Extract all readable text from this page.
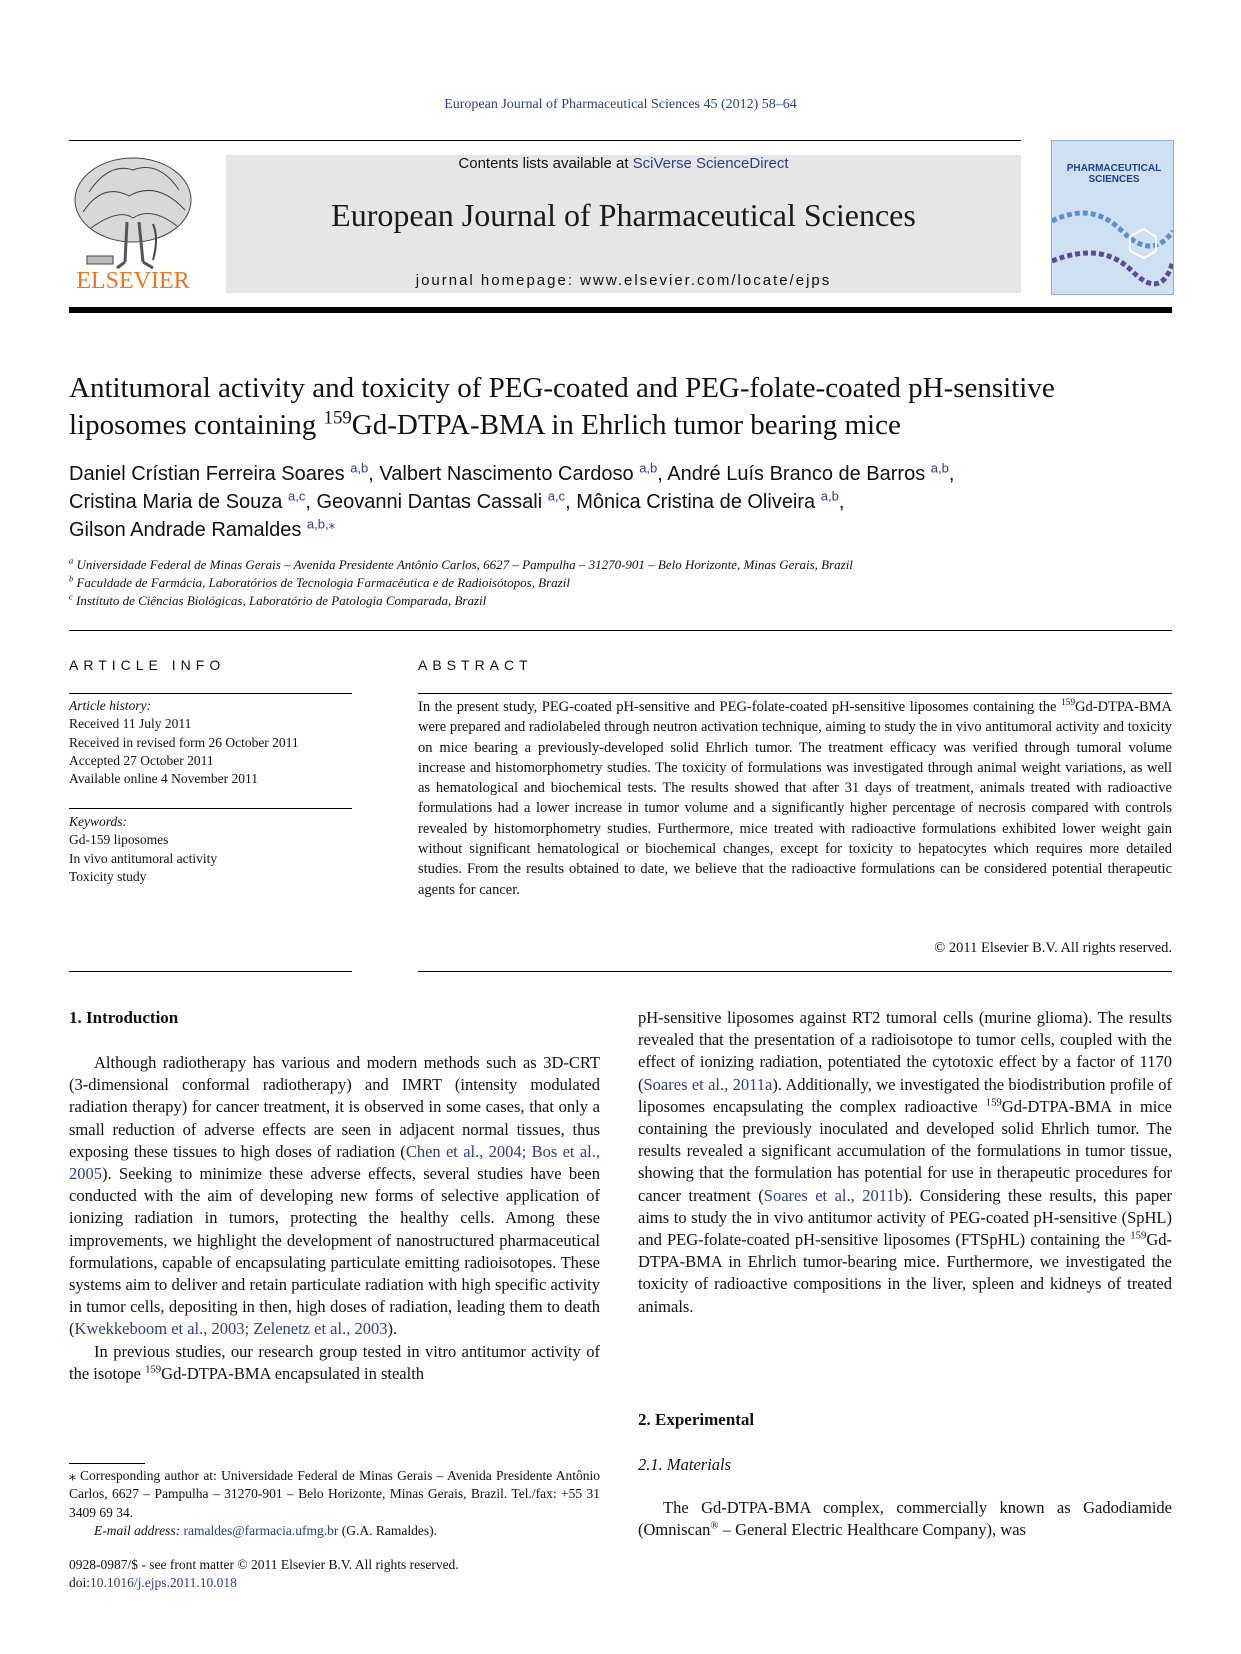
European Journal of Pharmaceutical Sciences 45 (2012) 58–64
Contents lists available at SciVerse ScienceDirect
European Journal of Pharmaceutical Sciences
journal homepage: www.elsevier.com/locate/ejps
ELSEVIER
PHARMACEUTICAL SCIENCES
Antitumoral activity and toxicity of PEG-coated and PEG-folate-coated pH-sensitive
liposomes containing $^{159}$Gd-DTPA-BMA in Ehrlich tumor bearing mice
Daniel Crístian Ferreira Soares $^{a,b}$, Valbert Nascimento Cardoso $^{a,b}$, André Luís Branco de Barros $^{a,b}$,
Cristina Maria de Souza $^{a,c}$, Geovanni Dantas Cassali $^{a,c}$, Mônica Cristina de Oliveira $^{a,b}$,
Gilson Andrade Ramaldes $^{a,b,⁎}$
$^a$ Universidade Federal de Minas Gerais – Avenida Presidente Antônio Carlos, 6627 – Pampulha – 31270-901 – Belo Horizonte, Minas Gerais, Brazil
$^b$ Faculdade de Farmácia, Laboratórios de Tecnologia Farmacêutica e de Radioisótopos, Brazil
$^c$ Instituto de Ciências Biológicas, Laboratório de Patologia Comparada, Brazil
ARTICLE INFO	ABSTRACT
Article history:
Received 11 July 2011
Received in revised form 26 October 2011
Accepted 27 October 2011
Available online 4 November 2011
Keywords:
Gd-159 liposomes
In vivo antitumoral activity
Toxicity study
In the present study, PEG-coated pH-sensitive and PEG-folate-coated pH-sensitive liposomes containing the $^{159}$Gd-DTPA-BMA were prepared and radiolabeled through neutron activation technique, aiming to study the in vivo antitumoral activity and toxicity on mice bearing a previously-developed solid Ehrlich tumor. The treatment efficacy was verified through tumoral volume increase and histomorphometry studies. The toxicity of formulations was investigated through animal weight variations, as well as hematological and biochemical tests. The results showed that after 31 days of treatment, animals treated with radioactive formulations had a lower increase in tumor volume and a significantly higher percentage of necrosis compared with controls revealed by histomorphometry studies. Furthermore, mice treated with radioactive formulations exhibited lower weight gain without significant hematological or biochemical changes, except for toxicity to hepatocytes which requires more detailed studies. From the results obtained to date, we believe that the radioactive formulations can be considered potential therapeutic agents for cancer.
© 2011 Elsevier B.V. All rights reserved.
1. Introduction

Although radiotherapy has various and modern methods such as 3D-CRT (3-dimensional conformal radiotherapy) and IMRT (intensity modulated radiation therapy) for cancer treatment, it is observed in some cases, that only a small reduction of adverse effects are seen in adjacent normal tissues, thus exposing these tissues to high doses of radiation (Chen et al., 2004; Bos et al., 2005). Seeking to minimize these adverse effects, several studies have been conducted with the aim of developing new forms of selective application of ionizing radiation in tumors, protecting the healthy cells. Among these improvements, we highlight the development of nanostructured pharmaceutical formulations, capable of encapsulating particulate emitting radioisotopes. These systems aim to deliver and retain particulate radiation with high specific activity in tumor cells, depositing in then, high doses of radiation, leading them to death (Kwekkeboom et al., 2003; Zelenetz et al., 2003).

In previous studies, our research group tested in vitro antitumor activity of the isotope $^{159}$Gd-DTPA-BMA encapsulated in stealth

pH-sensitive liposomes against RT2 tumoral cells (murine glioma). The results revealed that the presentation of a radioisotope to tumor cells, coupled with the effect of ionizing radiation, potentiated the cytotoxic effect by a factor of 1170 (Soares et al., 2011a). Additionally, we investigated the biodistribution profile of liposomes encapsulating the complex radioactive $^{159}$Gd-DTPA-BMA in mice containing the previously inoculated and developed solid Ehrlich tumor. The results revealed a significant accumulation of the formulations in tumor tissue, showing that the formulation has potential for use in therapeutic procedures for cancer treatment (Soares et al., 2011b). Considering these results, this paper aims to study the in vivo antitumor activity of PEG-coated pH-sensitive (SpHL) and PEG-folate-coated pH-sensitive liposomes (FTSpHL) containing the $^{159}$Gd-DTPA-BMA in Ehrlich tumor-bearing mice. Furthermore, we investigated the toxicity of radioactive compositions in the liver, spleen and kidneys of treated animals.

2. Experimental
2.1. Materials

The Gd-DTPA-BMA complex, commercially known as Gadodiamide (Omniscan® – General Electric Healthcare Company), was

⁎ Corresponding author at: Universidade Federal de Minas Gerais – Avenida Presidente Antônio Carlos, 6627 – Pampulha – 31270-901 – Belo Horizonte, Minas Gerais, Brazil. Tel./fax: +55 31 3409 69 34.
E-mail address: ramaldes@farmacia.ufmg.br (G.A. Ramaldes).
0928-0987/$ - see front matter © 2011 Elsevier B.V. All rights reserved.
doi:10.1016/j.ejps.2011.10.018
